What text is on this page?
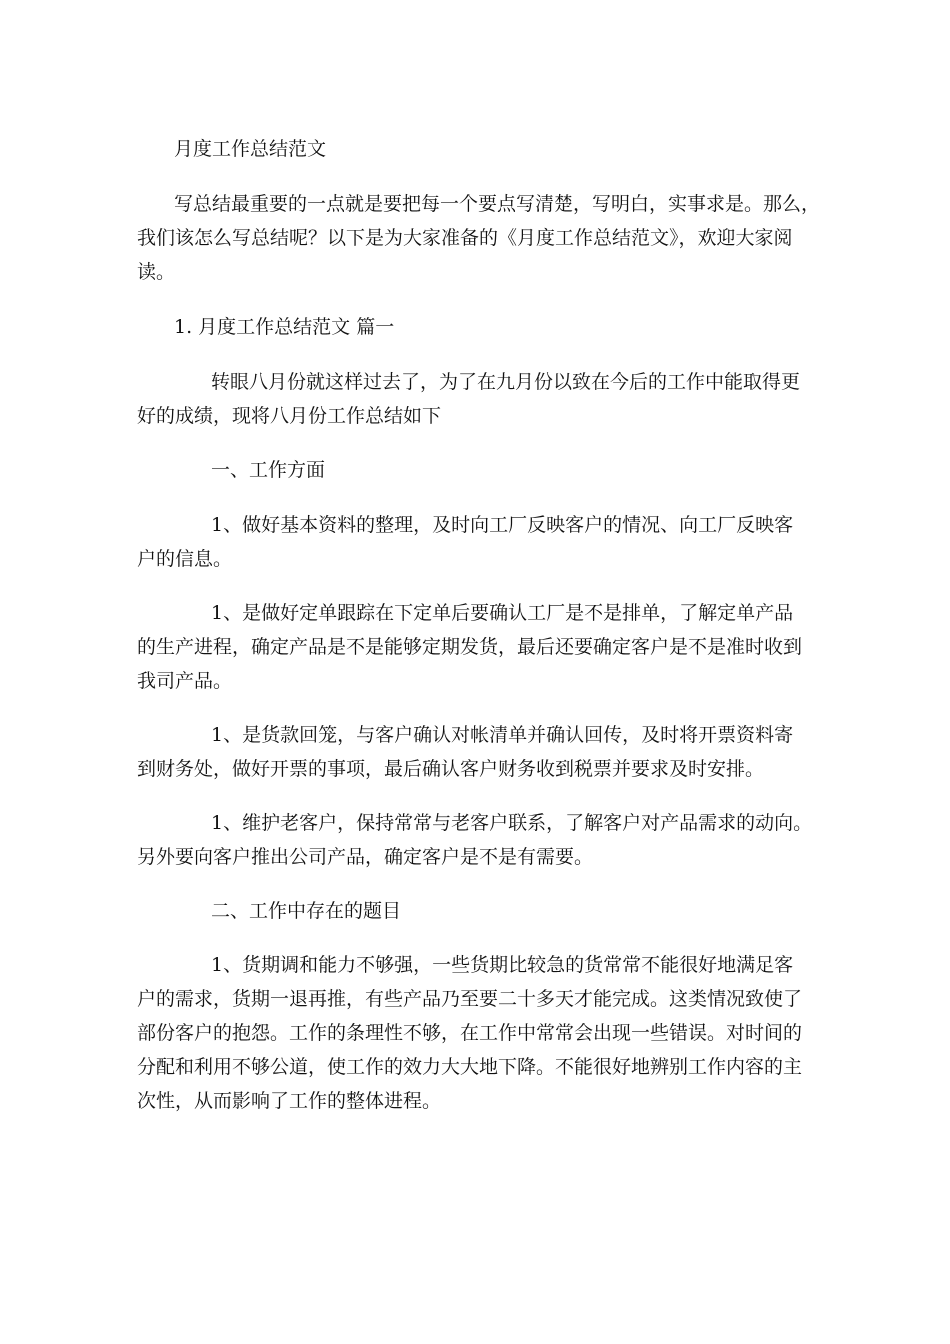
月度工作总结范文

写总结最重要的一点就是要把每一个要点写清楚，写明白，实事求是。那么，

我们该怎么写总结呢？以下是为大家准备的《月度工作总结范文》，欢迎大家阅

读。

1. 月度工作总结范文 篇一

转眼八月份就这样过去了，为了在九月份以致在今后的工作中能取得更

好的成绩，现将八月份工作总结如下

一、工作方面

1、做好基本资料的整理，及时向工厂反映客户的情况、向工厂反映客

户的信息。

1、是做好定单跟踪在下定单后要确认工厂是不是排单，了解定单产品

的生产进程，确定产品是不是能够定期发货，最后还要确定客户是不是准时收到

我司产品。

1、是货款回笼，与客户确认对帐清单并确认回传，及时将开票资料寄

到财务处，做好开票的事项，最后确认客户财务收到税票并要求及时安排。

1、维护老客户，保持常常与老客户联系，了解客户对产品需求的动向。

另外要向客户推出公司产品，确定客户是不是有需要。

二、工作中存在的题目

1、货期调和能力不够强，一些货期比较急的货常常不能很好地满足客

户的需求，货期一退再推，有些产品乃至要二十多天才能完成。这类情况致使了

部份客户的抱怨。工作的条理性不够，在工作中常常会出现一些错误。对时间的

分配和利用不够公道，使工作的效力大大地下降。不能很好地辨别工作内容的主

次性，从而影响了工作的整体进程。
